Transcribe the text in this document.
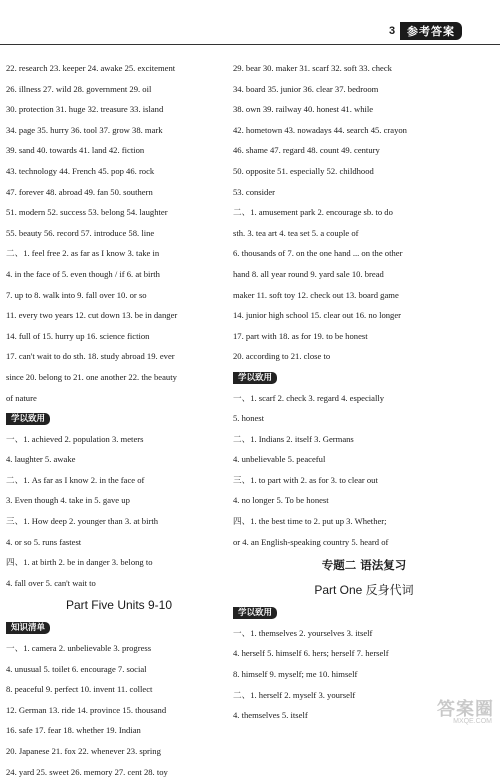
3	参考答案
22. research 23. keeper 24. awake 25. excitement
26. illness 27. wild 28. government 29. oil
30. protection 31. huge 32. treasure 33. island
34. page 35. hurry 36. tool 37. grow 38. mark
39. sand 40. towards 41. land 42. fiction
43. technology 44. French 45. pop 46. rock
47. forever 48. abroad 49. fan 50. southern
51. modern 52. success 53. belong 54. laughter
55. beauty 56. record 57. introduce 58. line
二、1. feel free 2. as far as I know 3. take in
4. in the face of 5. even though / if 6. at birth
7. up to 8. walk into 9. fall over 10. or so
11. every two years 12. cut down 13. be in danger
14. full of 15. hurry up 16. science fiction
17. can't wait to do sth. 18. study abroad 19. ever
since 20. belong to 21. one another 22. the beauty
of nature
学以致用
一、1. achieved 2. population 3. meters
4. laughter 5. awake
二、1. As far as I know 2. in the face of
3. Even though 4. take in 5. gave up
三、1. How deep 2. younger than 3. at birth
4. or so 5. runs fastest
四、1. at birth 2. be in danger 3. belong to
4. fall over 5. can't wait to
Part Five Units 9-10
知识清单
一、1. camera 2. unbelievable 3. progress
4. unusual 5. toilet 6. encourage 7. social
8. peaceful 9. perfect 10. invent 11. collect
12. German 13. ride 14. province 15. thousand
16. safe 17. fear 18. whether 19. Indian
20. Japanese 21. fox 22. whenever 23. spring
24. yard 25. sweet 26. memory 27. cent 28. toy
29. bear 30. maker 31. scarf 32. soft 33. check
34. board 35. junior 36. clear 37. bedroom
38. own 39. railway 40. honest 41. while
42. hometown 43. nowadays 44. search 45. crayon
46. shame 47. regard 48. count 49. century
50. opposite 51. especially 52. childhood
53. consider
二、1. amusement park 2. encourage sb. to do
sth. 3. tea art 4. tea set 5. a couple of
6. thousands of 7. on the one hand ... on the other
hand 8. all year round 9. yard sale 10. bread
maker 11. soft toy 12. check out 13. board game
14. junior high school 15. clear out 16. no longer
17. part with 18. as for 19. to be honest
20. according to 21. close to
学以致用
一、1. scarf 2. check 3. regard 4. especially
5. honest
二、1. Indians 2. itself 3. Germans
4. unbelievable 5. peaceful
三、1. to part with 2. as for 3. to clear out
4. no longer 5. To be honest
四、1. the best time to 2. put up 3. Whether;
or 4. an English-speaking country 5. heard of
专题二 语法复习
Part One 反身代词
学以致用
一、1. themselves 2. yourselves 3. itself
4. herself 5. himself 6. hers; herself 7. herself
8. himself 9. myself; me 10. himself
二、1. herself 2. myself 3. yourself
4. themselves 5. itself	答案圈
MXQE.COM
